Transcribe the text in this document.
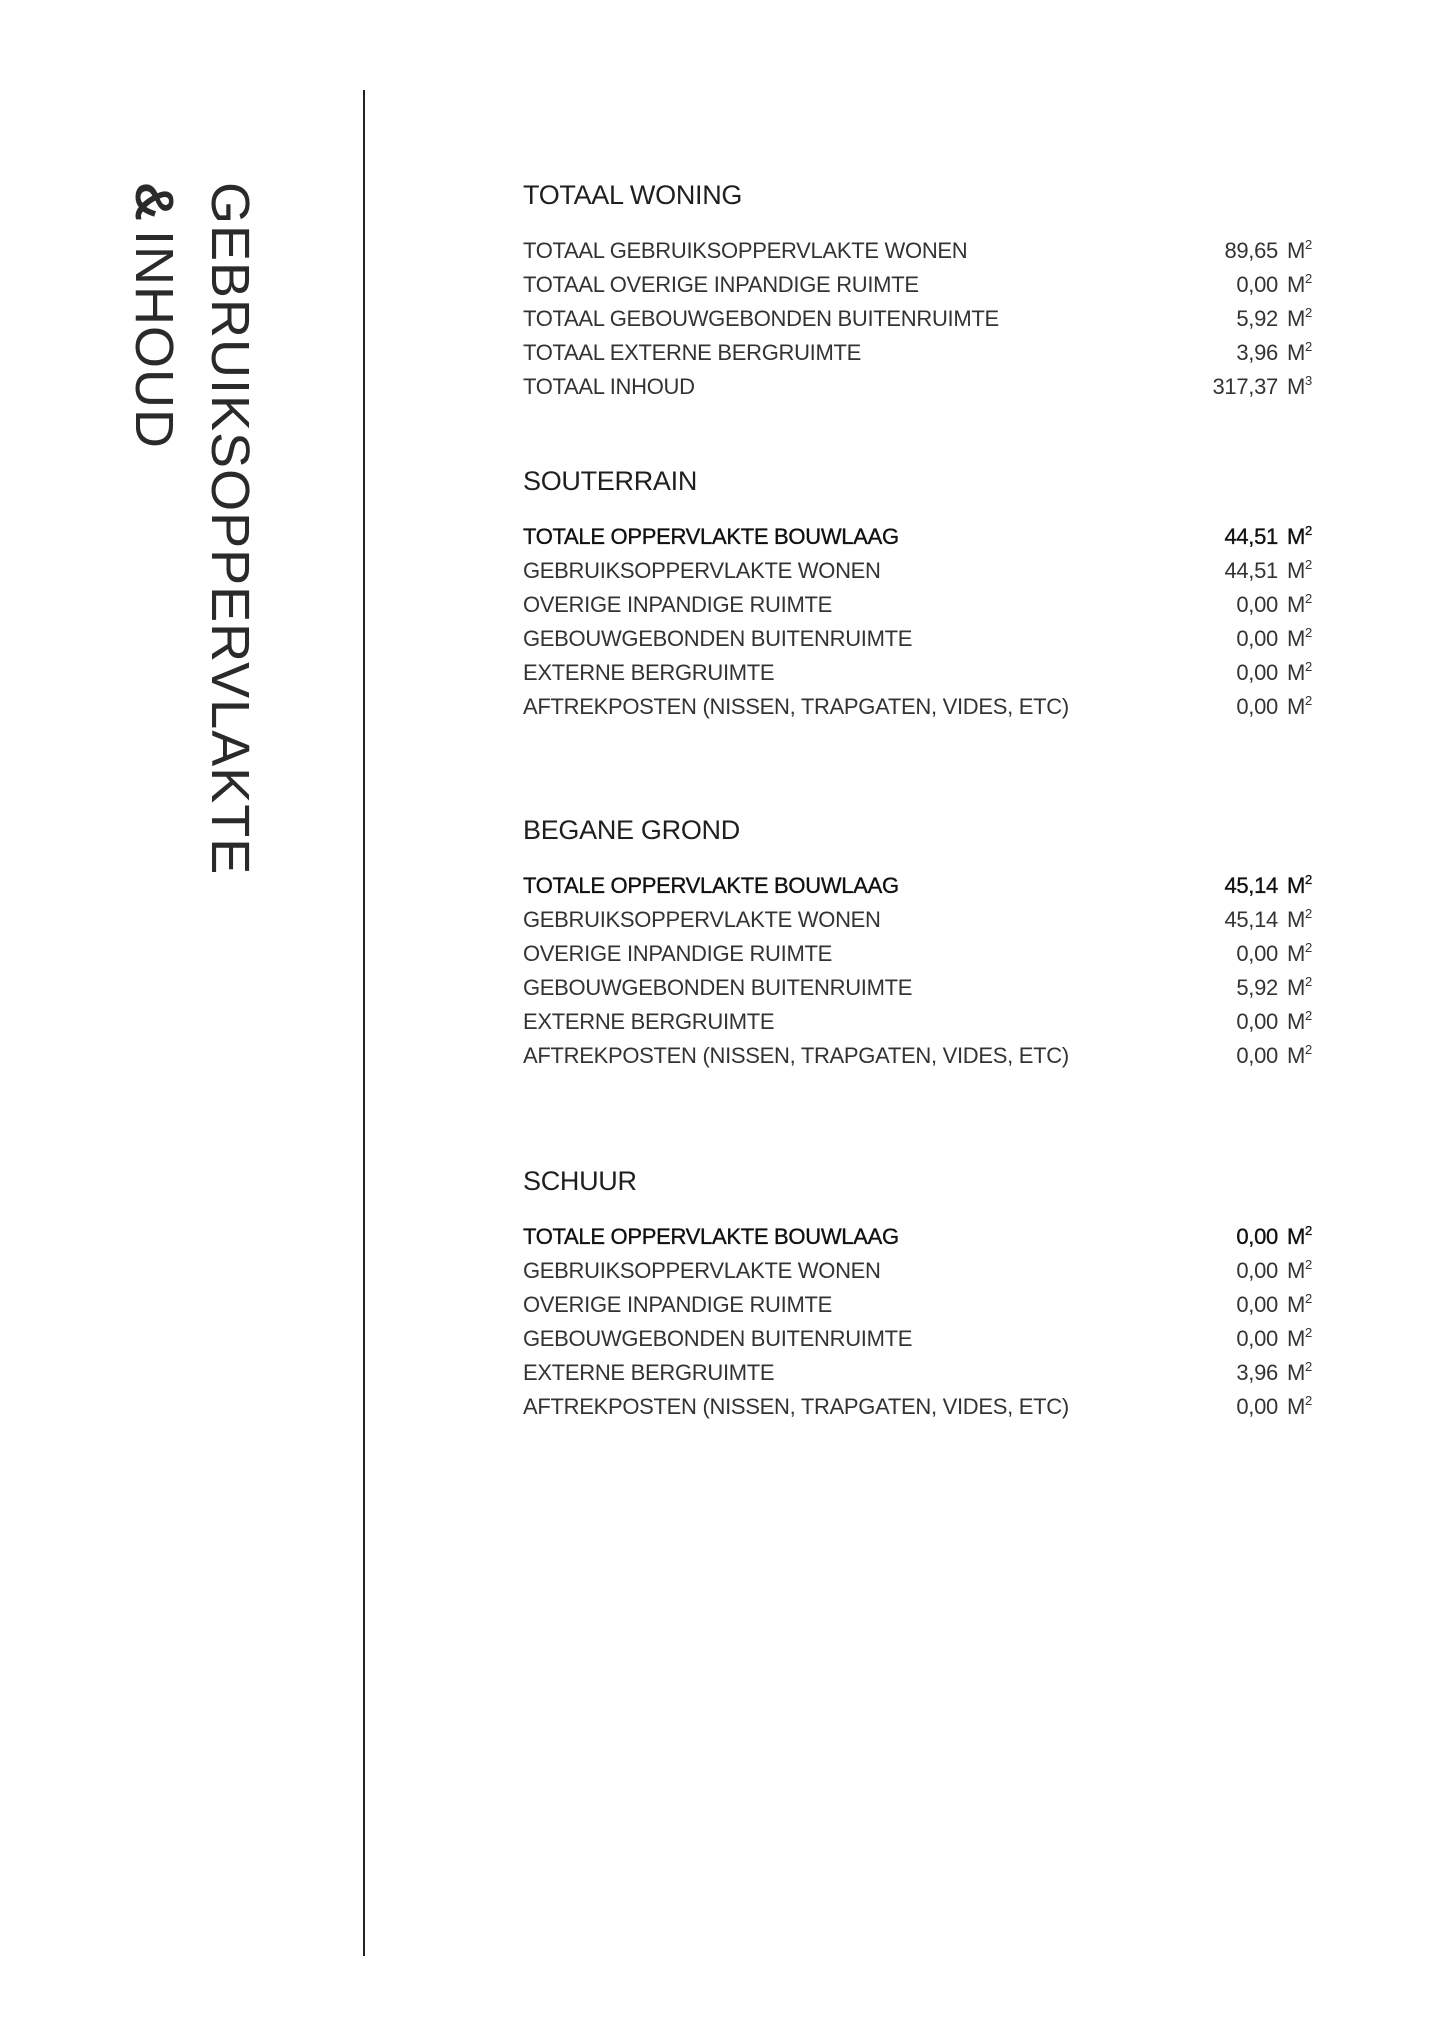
GEBRUIKSOPPERVLAKTE
&INHOUD
TOTAAL WONING
TOTAAL GEBRUIKSOPPERVLAKTE WONEN	89,65 $M^2$
TOTAAL OVERIGE INPANDIGE RUIMTE	0,00 $M^2$
TOTAAL GEBOUWGEBONDEN BUITENRUIMTE	5,92 $M^2$
TOTAAL EXTERNE BERGRUIMTE	3,96 $M^2$
TOTAAL INHOUD	317,37 $M^3$
SOUTERRAIN
TOTALE OPPERVLAKTE BOUWLAAG	44,51 $M^2$
GEBRUIKSOPPERVLAKTE WONEN	44,51 $M^2$
OVERIGE INPANDIGE RUIMTE	0,00 $M^2$
GEBOUWGEBONDEN BUITENRUIMTE	0,00 $M^2$
EXTERNE BERGRUIMTE	0,00 $M^2$
AFTREKPOSTEN (NISSEN, TRAPGATEN, VIDES, ETC)	0,00 $M^2$
BEGANE GROND
TOTALE OPPERVLAKTE BOUWLAAG	45,14 $M^2$
GEBRUIKSOPPERVLAKTE WONEN	45,14 $M^2$
OVERIGE INPANDIGE RUIMTE	0,00 $M^2$
GEBOUWGEBONDEN BUITENRUIMTE	5,92 $M^2$
EXTERNE BERGRUIMTE	0,00 $M^2$
AFTREKPOSTEN (NISSEN, TRAPGATEN, VIDES, ETC)	0,00 $M^2$
SCHUUR
TOTALE OPPERVLAKTE BOUWLAAG	0,00 $M^2$
GEBRUIKSOPPERVLAKTE WONEN	0,00 $M^2$
OVERIGE INPANDIGE RUIMTE	0,00 $M^2$
GEBOUWGEBONDEN BUITENRUIMTE	0,00 $M^2$
EXTERNE BERGRUIMTE	3,96 $M^2$
AFTREKPOSTEN (NISSEN, TRAPGATEN, VIDES, ETC)	0,00 $M^2$
